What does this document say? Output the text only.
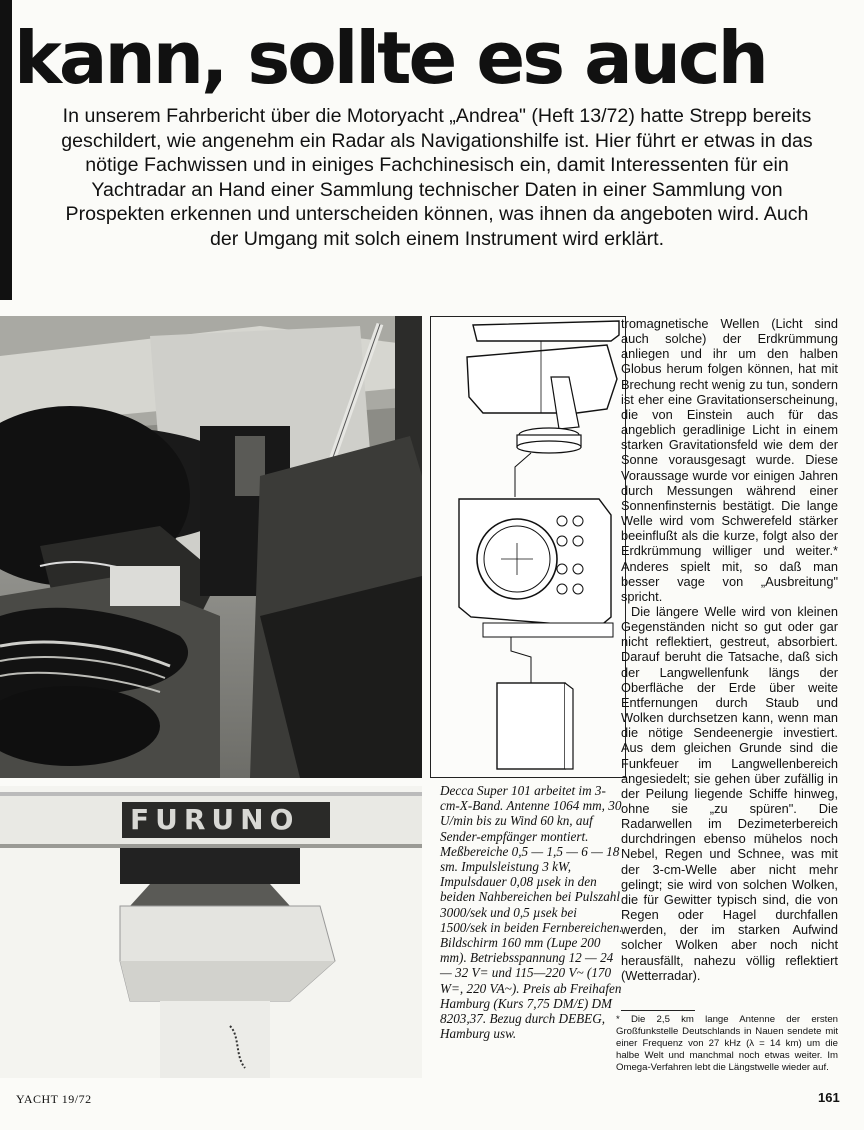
kann, sollte es auch

In unserem Fahrbericht über die Motoryacht „Andrea" (Heft 13/72) hatte Strepp bereits geschildert, wie angenehm ein Radar als Navigationshilfe ist. Hier führt er etwas in das nötige Fachwissen und in einiges Fachchinesisch ein, damit Interessenten für ein Yachtradar an Hand einer Sammlung technischer Daten in einer Sammlung von Prospekten erkennen und unterscheiden können, was ihnen da angeboten wird. Auch der Umgang mit solch einem Instrument wird erklärt.

FURUNO

Decca Super 101 arbeitet im 3-cm-X-Band. Antenne 1064 mm, 30 U/min bis zu Wind 60 kn, auf Sender-empfänger montiert. Meßbereiche 0,5 — 1,5 — 6 — 18 sm. Impulsleistung 3 kW, Impulsdauer 0,08 µsek in den beiden Nahbereichen bei Pulszahl 3000/sek und 0,5 µsek bei 1500/sek in beiden Fernbereichen. Bildschirm 160 mm (Lupe 200 mm). Betriebsspannung 12 — 24 — 32 V= und 115—220 V~ (170 W=, 220 VA~). Preis ab Freihafen Hamburg (Kurs 7,75 DM/£) DM 8203,37. Bezug durch DEBEG, Hamburg usw.

tromagnetische Wellen (Licht sind auch solche) der Erdkrümmung anliegen und ihr um den halben Globus herum folgen können, hat mit Brechung recht wenig zu tun, sondern ist eher eine Gravitationserscheinung, die von Einstein auch für das angeblich geradlinige Licht in einem starken Gravitationsfeld wie dem der Sonne vorausgesagt wurde. Diese Voraussage wurde vor einigen Jahren durch Messungen während einer Sonnenfinsternis bestätigt. Die lange Welle wird vom Schwerefeld stärker beeinflußt als die kurze, folgt also der Erdkrümmung williger und weiter.* Anderes spielt mit, so daß man besser vage von „Ausbreitung" spricht.

Die längere Welle wird von kleinen Gegenständen nicht so gut oder gar nicht reflektiert, gestreut, absorbiert. Darauf beruht die Tatsache, daß sich der Langwellenfunk längs der Oberfläche der Erde über weite Entfernungen durch Staub und Wolken durchsetzen kann, wenn man die nötige Sendeenergie investiert. Aus dem gleichen Grunde sind die Funkfeuer im Langwellenbereich angesiedelt; sie gehen über zufällig in der Peilung liegende Schiffe hinweg, ohne sie „zu spüren". Die Radarwellen im Dezimeterbereich durchdringen ebenso mühelos noch Nebel, Regen und Schnee, was mit der 3-cm-Welle aber nicht mehr gelingt; sie wird von solchen Wolken, die für Gewitter typisch sind, die von Regen oder Hagel durchfallen werden, der im starken Aufwind solcher Wolken aber noch nicht herausfällt, nahezu völlig reflektiert (Wetterradar).

* Die 2,5 km lange Antenne der ersten Großfunkstelle Deutschlands in Nauen sendete mit einer Frequenz von 27 kHz (λ = 14 km) um die halbe Welt und manchmal noch etwas weiter. Im Omega-Verfahren lebt die Längstwelle wieder auf.

YACHT 19/72	161
